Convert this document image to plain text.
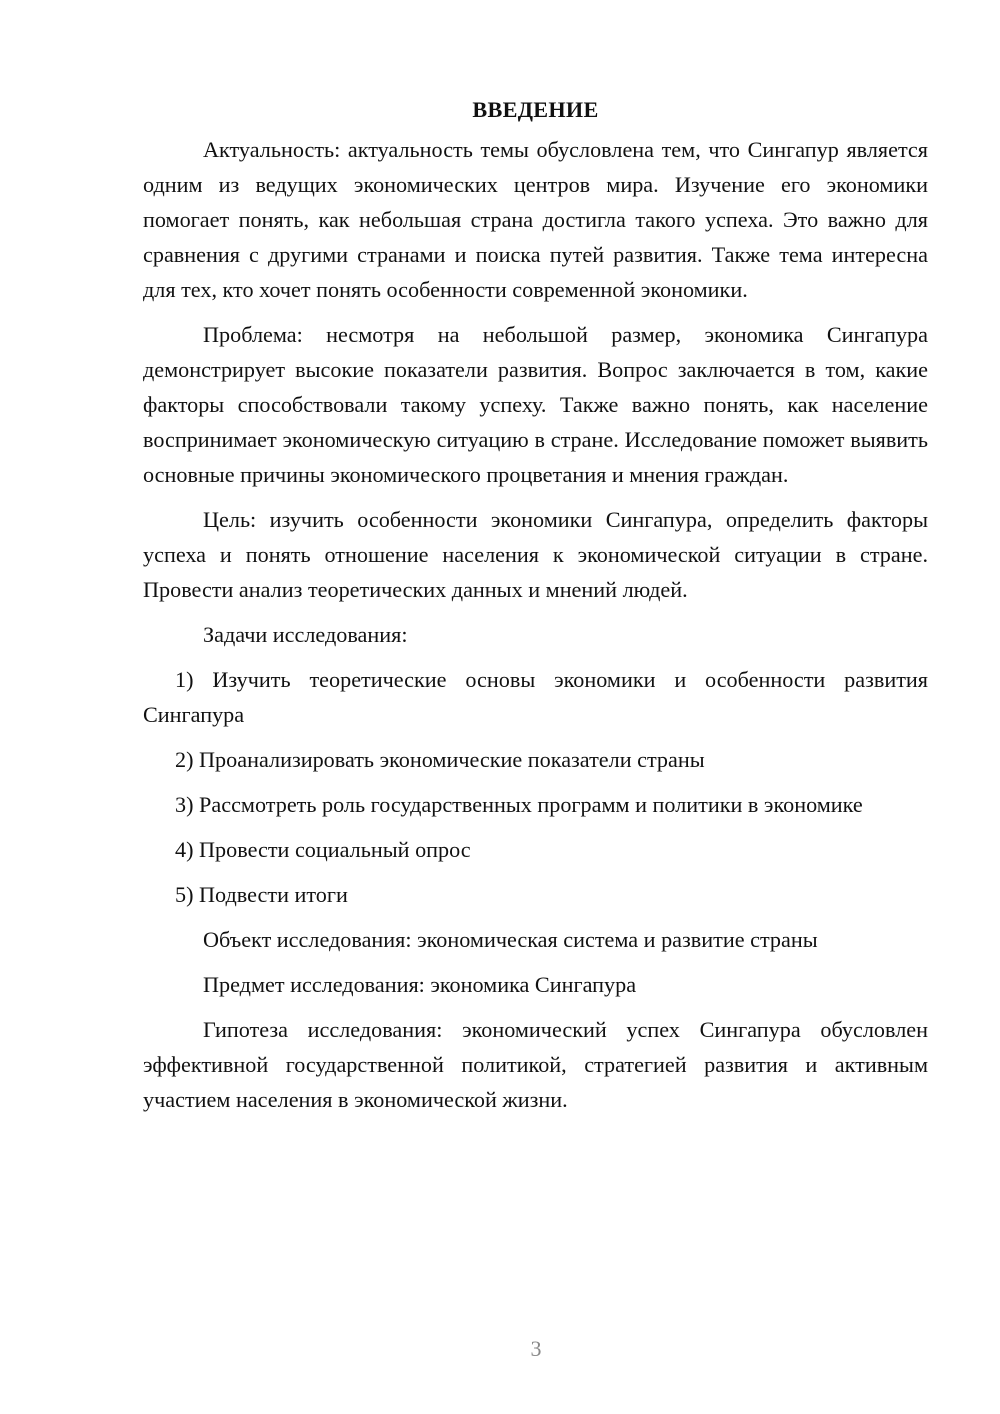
ВВЕДЕНИЕ

Актуальность: актуальность темы обусловлена тем, что Сингапур является одним из ведущих экономических центров мира. Изучение его экономики помогает понять, как небольшая страна достигла такого успеха. Это важно для сравнения с другими странами и поиска путей развития. Также тема интересна для тех, кто хочет понять особенности современной экономики.

Проблема: несмотря на небольшой размер, экономика Сингапура демонстрирует высокие показатели развития. Вопрос заключается в том, какие факторы способствовали такому успеху. Также важно понять, как население воспринимает экономическую ситуацию в стране. Исследование поможет выявить основные причины экономического процветания и мнения граждан.

Цель: изучить особенности экономики Сингапура, определить факторы успеха и понять отношение населения к экономической ситуации в стране. Провести анализ теоретических данных и мнений людей.

Задачи исследования:

1) Изучить теоретические основы экономики и особенности развития Сингапура

2) Проанализировать экономические показатели страны

3) Рассмотреть роль государственных программ и политики в экономике

4) Провести социальный опрос

5) Подвести итоги

Объект исследования: экономическая система и развитие страны

Предмет исследования: экономика Сингапура

Гипотеза исследования: экономический успех Сингапура обусловлен эффективной государственной политикой, стратегией развития и активным участием населения в экономической жизни.

3
